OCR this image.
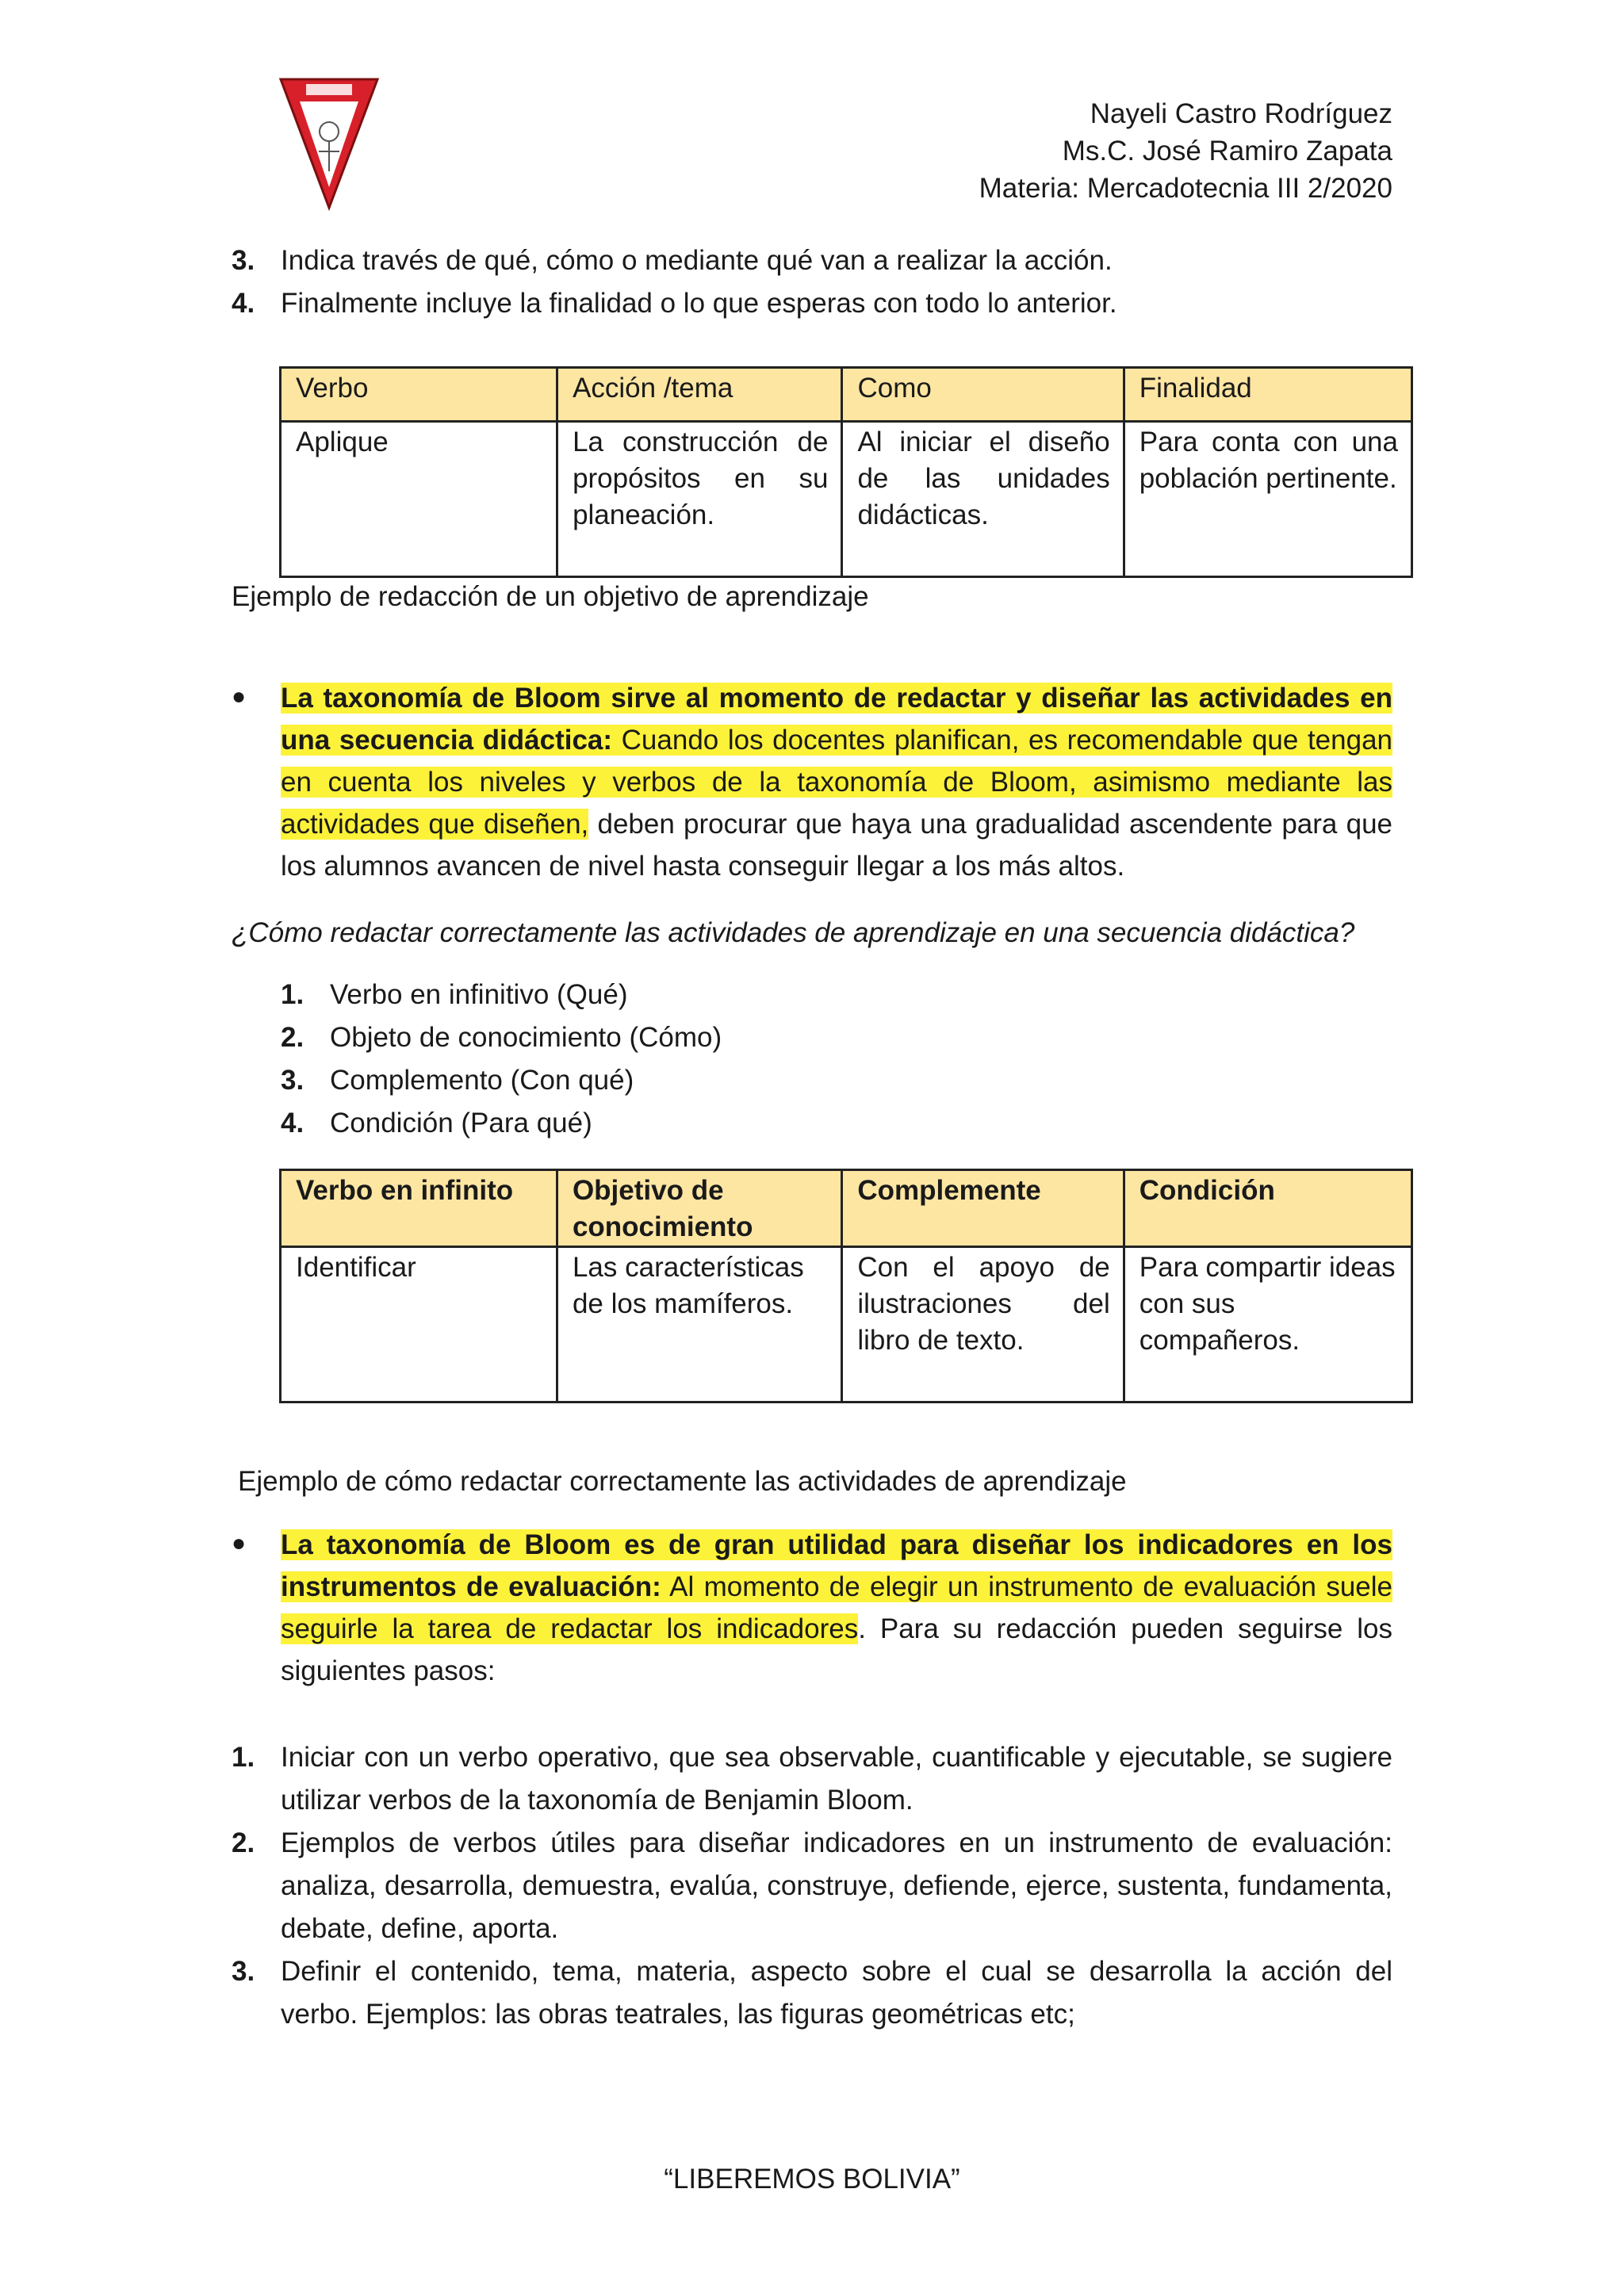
Nayeli Castro Rodríguez
Ms.C. José Ramiro Zapata
Materia: Mercadotecnia III 2/2020
3. Indica través de qué, cómo o mediante qué van a realizar la acción.
4. Finalmente incluye la finalidad o lo que esperas con todo lo anterior.
Verbo	Acción /tema	Como	Finalidad
Aplique	La construcción de propósitos en su planeación.	Al iniciar el diseño de las unidades didácticas.	Para conta con una población pertinente.
Ejemplo de redacción de un objetivo de aprendizaje
● La taxonomía de Bloom sirve al momento de redactar y diseñar las actividades en una secuencia didáctica: Cuando los docentes planifican, es recomendable que tengan en cuenta los niveles y verbos de la taxonomía de Bloom, asimismo mediante las actividades que diseñen, deben procurar que haya una gradualidad ascendente para que los alumnos avancen de nivel hasta conseguir llegar a los más altos.
¿Cómo redactar correctamente las actividades de aprendizaje en una secuencia didáctica?
1. Verbo en infinitivo (Qué)
2. Objeto de conocimiento (Cómo)
3. Complemento (Con qué)
4. Condición (Para qué)
Verbo en infinito	Objetivo de conocimiento	Complemente	Condición
Identificar	Las características de los mamíferos.	Con el apoyo de ilustraciones del libro de texto.	Para compartir ideas con sus compañeros.
Ejemplo de cómo redactar correctamente las actividades de aprendizaje
● La taxonomía de Bloom es de gran utilidad para diseñar los indicadores en los instrumentos de evaluación: Al momento de elegir un instrumento de evaluación suele seguirle la tarea de redactar los indicadores. Para su redacción pueden seguirse los siguientes pasos:
1. Iniciar con un verbo operativo, que sea observable, cuantificable y ejecutable, se sugiere utilizar verbos de la taxonomía de Benjamin Bloom.
2. Ejemplos de verbos útiles para diseñar indicadores en un instrumento de evaluación: analiza, desarrolla, demuestra, evalúa, construye, defiende, ejerce, sustenta, fundamenta, debate, define, aporta.
3. Definir el contenido, tema, materia, aspecto sobre el cual se desarrolla la acción del verbo. Ejemplos: las obras teatrales, las figuras geométricas etc;
“LIBEREMOS BOLIVIA”
